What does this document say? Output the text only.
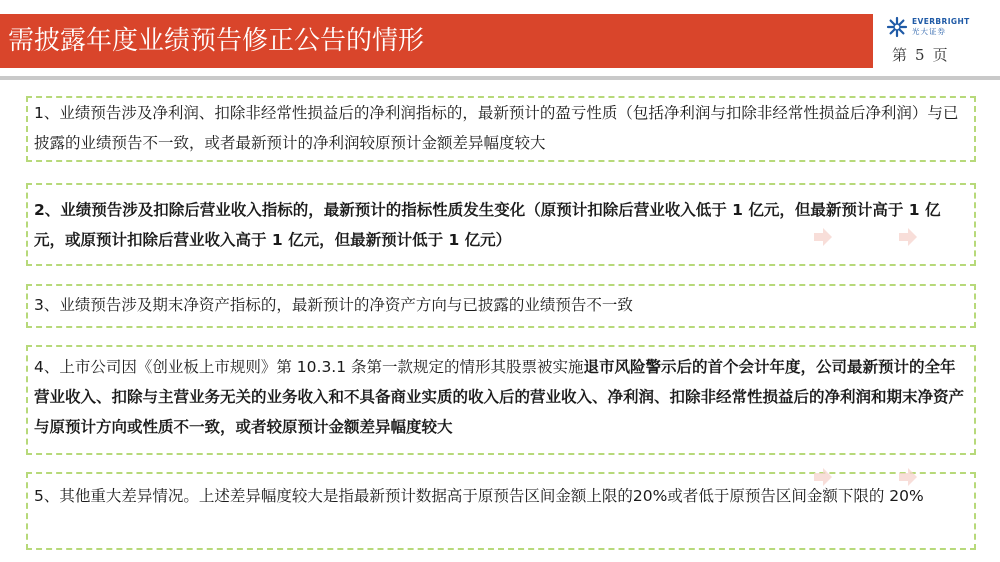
需披露年度业绩预告修正公告的情形
EVERBRIGHT
光大证券
第 5 页
1、业绩预告涉及净利润、扣除非经常性损益后的净利润指标的，最新预计的盈亏性质（包括净利润与扣除非经常性损益后净利润）与已披露的业绩预告不一致，或者最新预计的净利润较原预计金额差异幅度较大
2、业绩预告涉及扣除后营业收入指标的，最新预计的指标性质发生变化（原预计扣除后营业收入低于 1 亿元，但最新预计高于 1 亿元，或原预计扣除后营业收入高于 1 亿元，但最新预计低于 1 亿元）
3、业绩预告涉及期末净资产指标的，最新预计的净资产方向与已披露的业绩预告不一致
4、上市公司因《创业板上市规则》第 10.3.1 条第一款规定的情形其股票被实施退市风险警示后的首个会计年度，公司最新预计的全年营业收入、扣除与主营业务无关的业务收入和不具备商业实质的收入后的营业收入、净利润、扣除非经常性损益后的净利润和期末净资产与原预计方向或性质不一致，或者较原预计金额差异幅度较大
5、其他重大差异情况。上述差异幅度较大是指最新预计数据高于原预告区间金额上限的20%或者低于原预告区间金额下限的 20%
